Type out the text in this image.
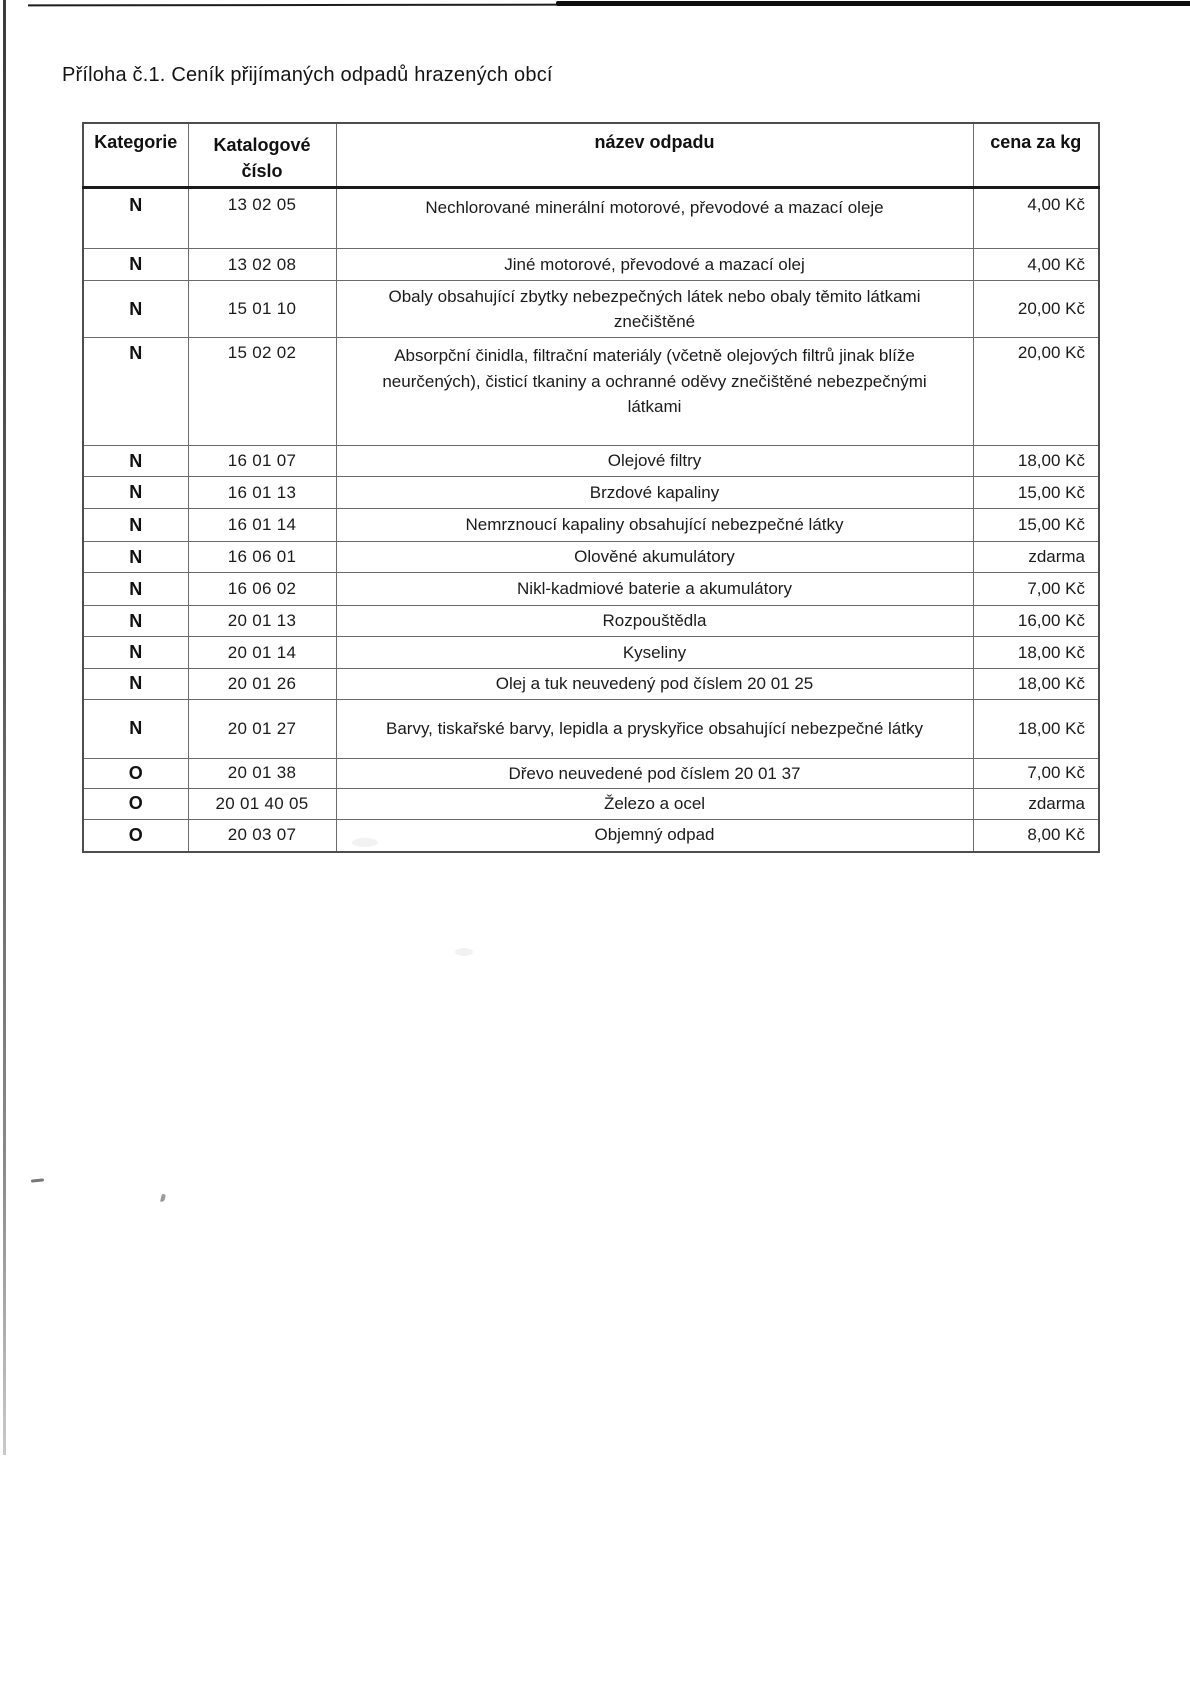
Příloha č.1. Ceník přijímaných odpadů hrazených obcí
Kategorie	Katalogové číslo	název odpadu	cena za kg
N	13 02 05	Nechlorované minerální motorové, převodové a mazací oleje	4,00 Kč
N	13 02 08	Jiné motorové, převodové a mazací olej	4,00 Kč
N	15 01 10	Obaly obsahující zbytky nebezpečných látek nebo obaly těmito látkami znečištěné	20,00 Kč
N	15 02 02	Absorpční činidla, filtrační materiály (včetně olejových filtrů jinak blíže neurčených), čisticí tkaniny a ochranné oděvy znečištěné nebezpečnými látkami	20,00 Kč
N	16 01 07	Olejové filtry	18,00 Kč
N	16 01 13	Brzdové kapaliny	15,00 Kč
N	16 01 14	Nemrznoucí kapaliny obsahující nebezpečné látky	15,00 Kč
N	16 06 01	Olověné akumulátory	zdarma
N	16 06 02	Nikl-kadmiové baterie a akumulátory	7,00 Kč
N	20 01 13	Rozpouštědla	16,00 Kč
N	20 01 14	Kyseliny	18,00 Kč
N	20 01 26	Olej a tuk neuvedený pod číslem 20 01 25	18,00 Kč
N	20 01 27	Barvy, tiskařské barvy, lepidla a pryskyřice obsahující nebezpečné látky	18,00 Kč
O	20 01 38	Dřevo neuvedené pod číslem 20 01 37	7,00 Kč
O	20 01 40 05	Železo a ocel	zdarma
O	20 03 07	Objemný odpad	8,00 Kč
